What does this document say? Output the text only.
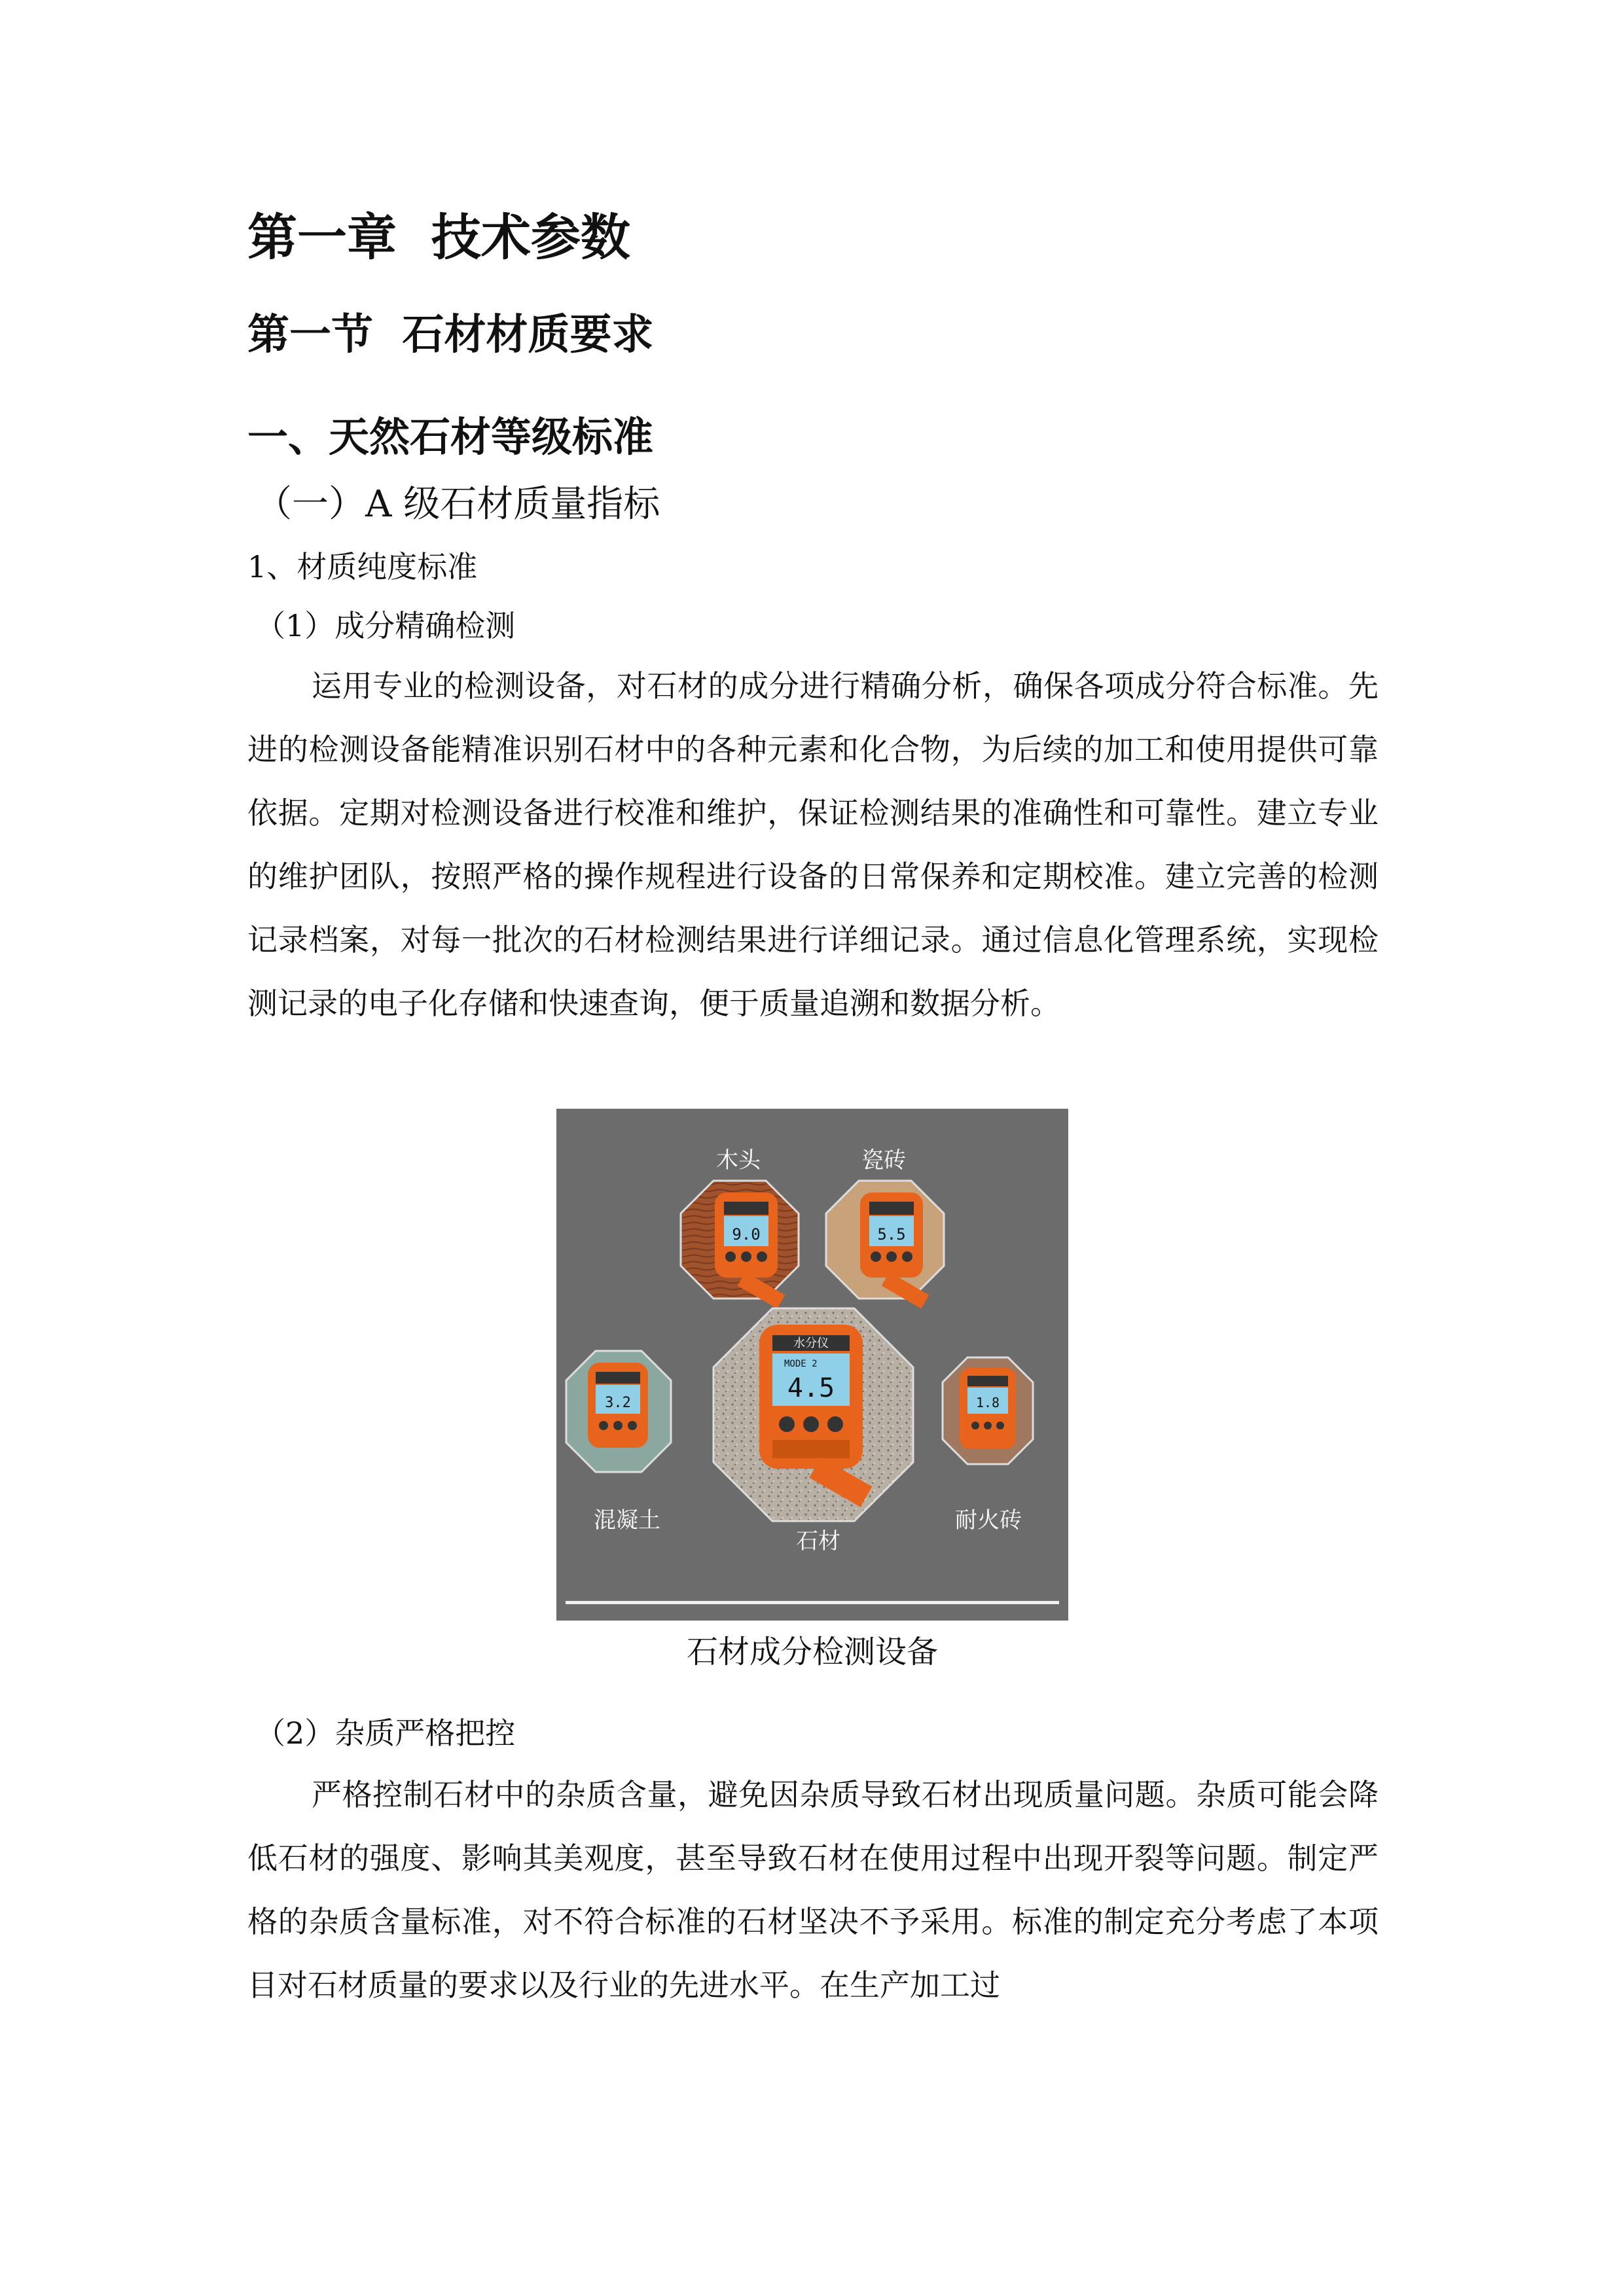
第一章  技术参数
第一节  石材材质要求
一、天然石材等级标准
（一）A 级石材质量指标
1、材质纯度标准
（1）成分精确检测

运用专业的检测设备，对石材的成分进行精确分析，确保各项成分符合标准。先进的检测设备能精准识别石材中的各种元素和化合物，为后续的加工和使用提供可靠依据。定期对检测设备进行校准和维护，保证检测结果的准确性和可靠性。建立专业的维护团队，按照严格的操作规程进行设备的日常保养和定期校准。建立完善的检测记录档案，对每一批次的石材检测结果进行详细记录。通过信息化管理系统，实现检测记录的电子化存储和快速查询，便于质量追溯和数据分析。

木头	瓷砖
9.0	5.5
3.2
混凝土
水分仪
MODE 2
4.5
石材
1.8
耐火砖

石材成分检测设备

（2）杂质严格把控

严格控制石材中的杂质含量，避免因杂质导致石材出现质量问题。杂质可能会降低石材的强度、影响其美观度，甚至导致石材在使用过程中出现开裂等问题。制定严格的杂质含量标准，对不符合标准的石材坚决不予采用。标准的制定充分考虑了本项目对石材质量的要求以及行业的先进水平。在生产加工过
